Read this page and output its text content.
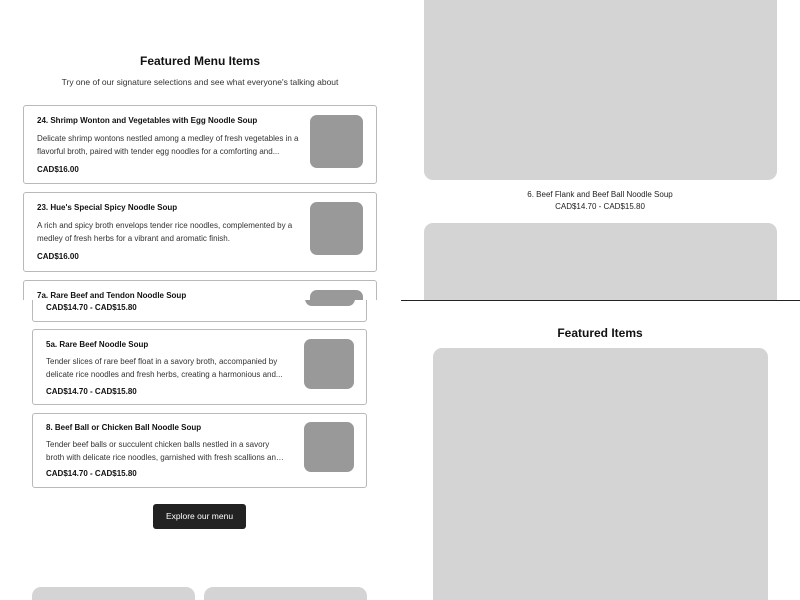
Featured Menu Items
Try one of our signature selections and see what everyone's talking about
24. Shrimp Wonton and Vegetables with Egg Noodle Soup
Delicate shrimp wontons nestled among a medley of fresh vegetables in a flavorful broth, paired with tender egg noodles for a comforting and...
CAD$16.00
23. Hue's Special Spicy Noodle Soup
A rich and spicy broth envelops tender rice noodles, complemented by a medley of fresh herbs for a vibrant and aromatic finish.
CAD$16.00
7a. Rare Beef and Tendon Noodle Soup
6. Beef Flank and Beef Ball Noodle Soup
CAD$14.70 - CAD$15.80
CAD$14.70 - CAD$15.80
5a. Rare Beef Noodle Soup
Tender slices of rare beef float in a savory broth, accompanied by delicate rice noodles and fresh herbs, creating a harmonious and...
CAD$14.70 - CAD$15.80
8. Beef Ball or Chicken Ball Noodle Soup
Tender beef balls or succulent chicken balls nestled in a savory broth with delicate rice noodles, garnished with fresh scallions and
CAD$14.70 - CAD$15.80
Explore our menu
Featured Items
